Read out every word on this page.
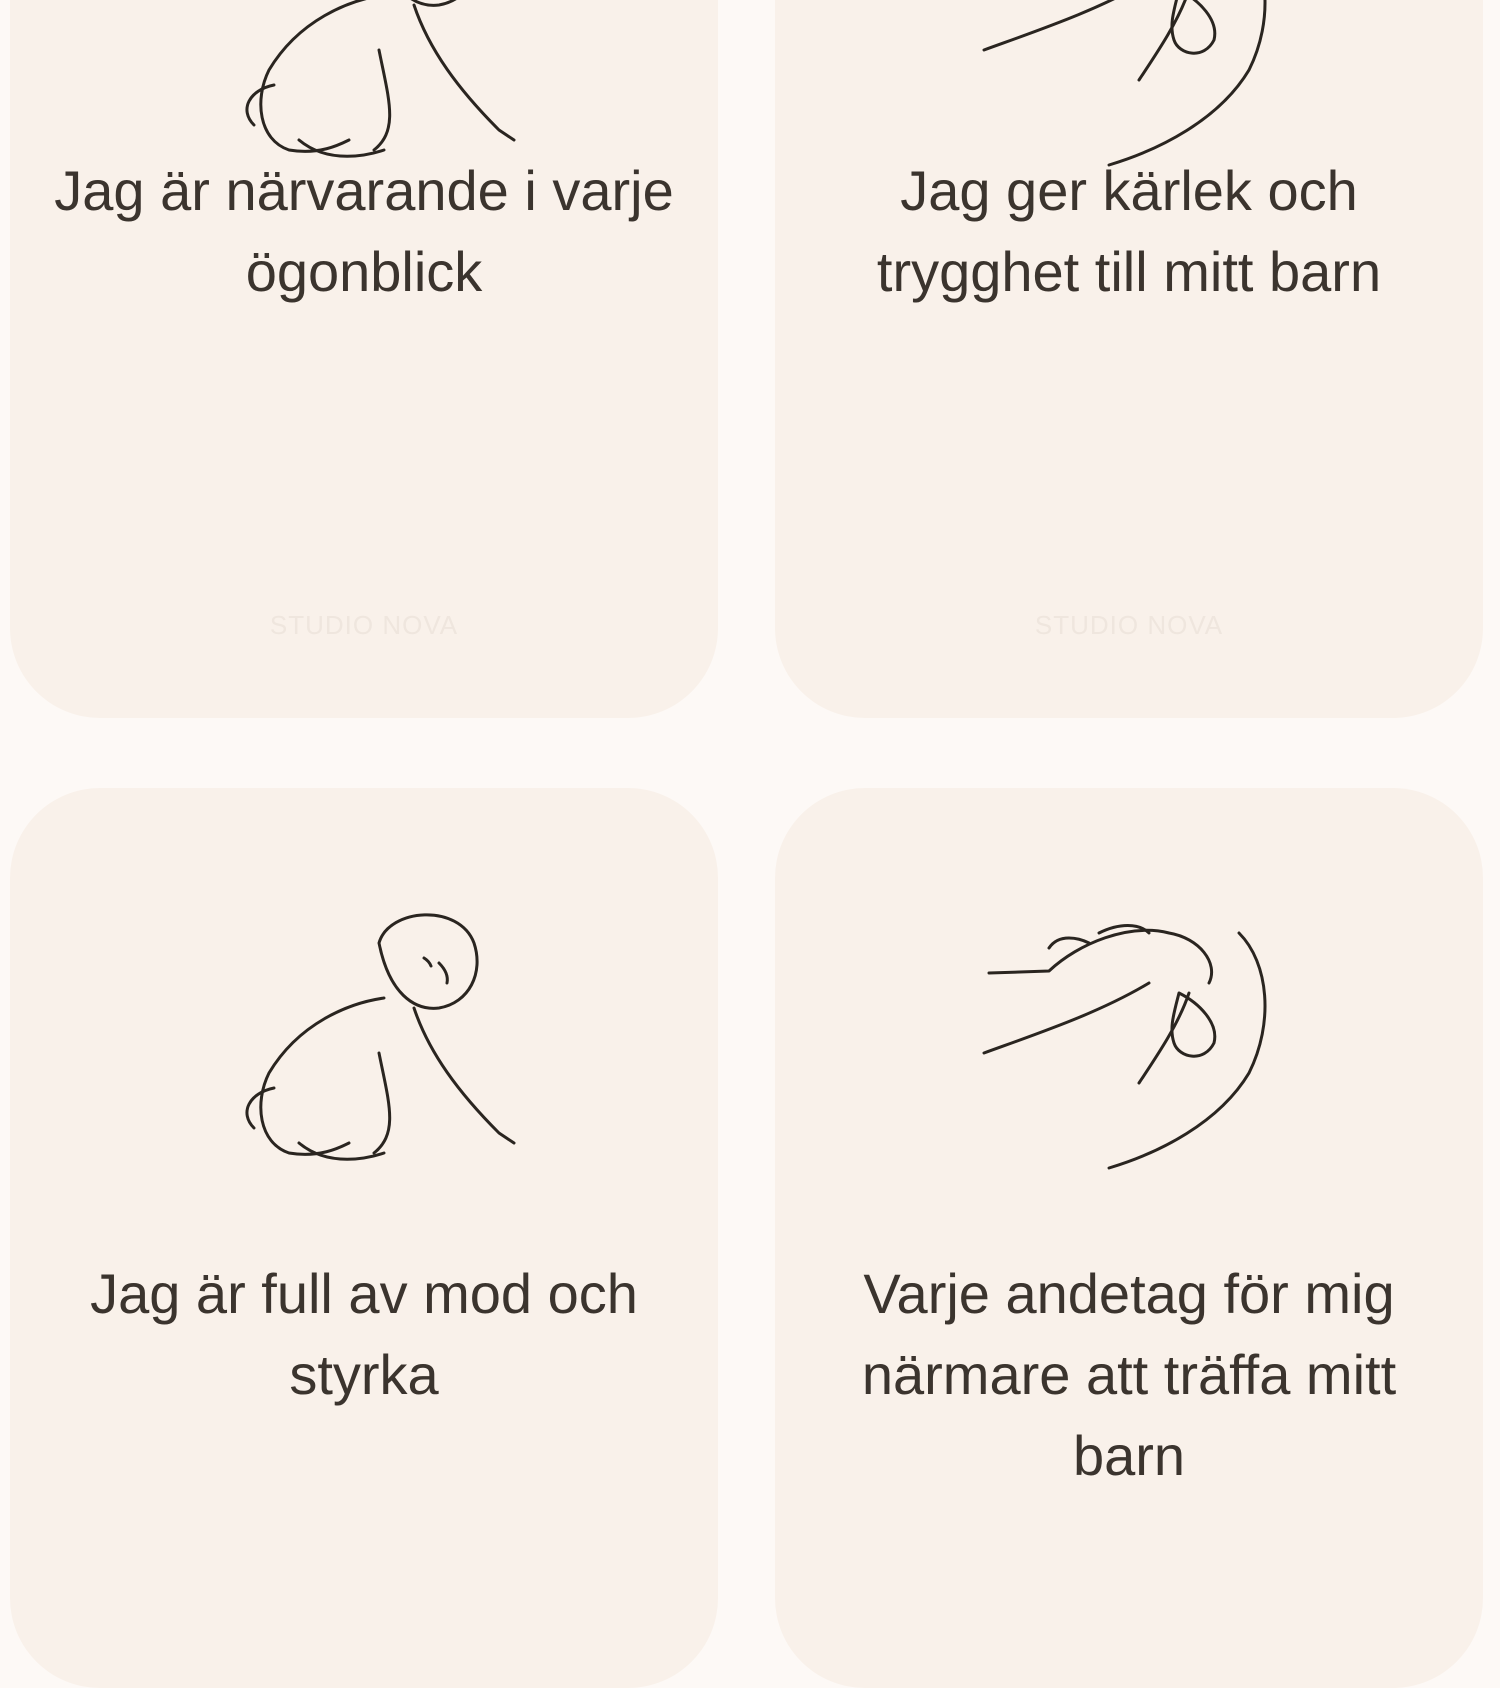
Jag är närvarande i varje ögonblick
STUDIO NOVA
Jag ger kärlek och trygghet till mitt barn
STUDIO NOVA
Jag är full av mod och styrka
Varje andetag för mig närmare att träffa mitt barn
